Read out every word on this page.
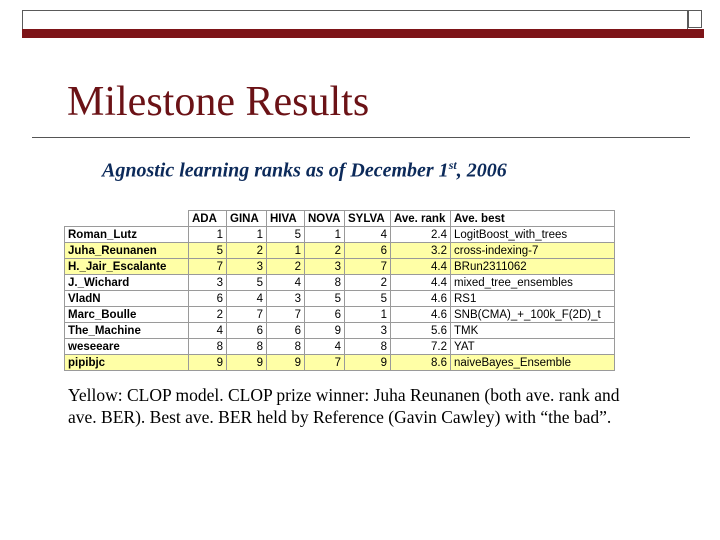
Milestone Results
Agnostic learning ranks as of December 1st, 2006
	ADA	GINA	HIVA	NOVA	SYLVA	Ave. rank	Ave. best
Roman_Lutz	1	1	5	1	4	2.4	LogitBoost_with_trees
Juha_Reunanen	5	2	1	2	6	3.2	cross-indexing-7
H._Jair_Escalante	7	3	2	3	7	4.4	BRun2311062
J._Wichard	3	5	4	8	2	4.4	mixed_tree_ensembles
VladN	6	4	3	5	5	4.6	RS1
Marc_Boulle	2	7	7	6	1	4.6	SNB(CMA)_+_100k_F(2D)_t
The_Machine	4	6	6	9	3	5.6	TMK
weseeare	8	8	8	4	8	7.2	YAT
pipibjc	9	9	9	7	9	8.6	naiveBayes_Ensemble
Yellow: CLOP model. CLOP prize winner: Juha Reunanen (both ave. rank and ave. BER). Best ave. BER held by Reference (Gavin Cawley) with “the bad”.
